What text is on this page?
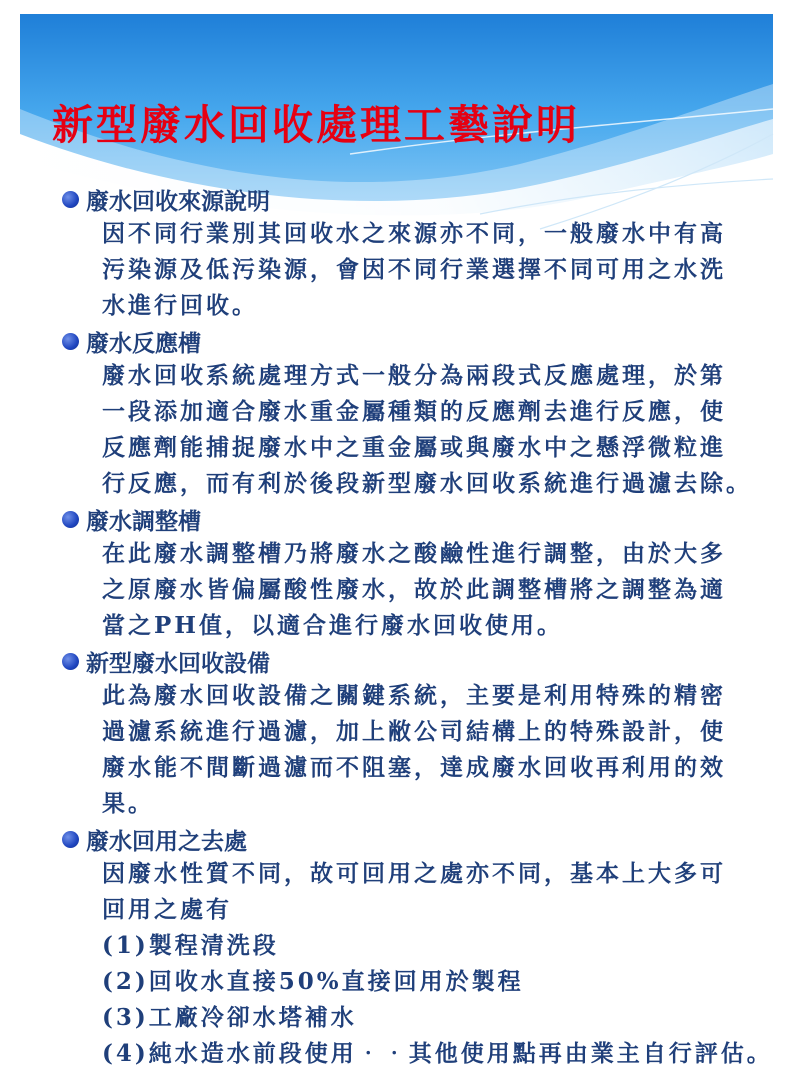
新型廢水回收處理工藝說明
廢水回收來源說明
因不同行業別其回收水之來源亦不同，一般廢水中有高
污染源及低污染源，會因不同行業選擇不同可用之水洗
水進行回收。
廢水反應槽
廢水回收系統處理方式一般分為兩段式反應處理，於第
一段添加適合廢水重金屬種類的反應劑去進行反應，使
反應劑能捕捉廢水中之重金屬或與廢水中之懸浮微粒進
行反應，而有利於後段新型廢水回收系統進行過濾去除。
廢水調整槽
在此廢水調整槽乃將廢水之酸鹼性進行調整，由於大多
之原廢水皆偏屬酸性廢水，故於此調整槽將之調整為適
當之PH值，以適合進行廢水回收使用。
新型廢水回收設備
此為廢水回收設備之關鍵系統，主要是利用特殊的精密
過濾系統進行過濾，加上敝公司結構上的特殊設計，使
廢水能不間斷過濾而不阻塞，達成廢水回收再利用的效
果。
廢水回用之去處
因廢水性質不同，故可回用之處亦不同，基本上大多可
回用之處有
(1)製程清洗段
(2)回收水直接50%直接回用於製程
(3)工廠冷卻水塔補水
(4)純水造水前段使用‧‧其他使用點再由業主自行評估。
